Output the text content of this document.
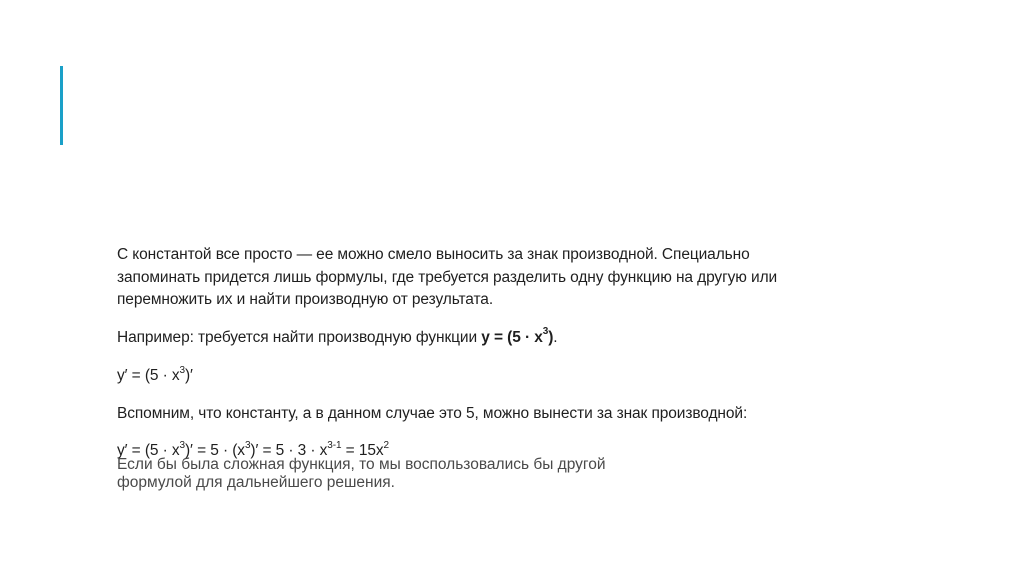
С константой все просто — ее можно смело выносить за знак производной. Специально запоминать придется лишь формулы, где требуется разделить одну функцию на другую или перемножить их и найти производную от результата.

Например: требуется найти производную функции $y = (5 \cdot x^3)$.

$y' = (5 \cdot x^3)'$

Вспомним, что константу, а в данном случае это 5, можно вынести за знак производной:

$y' = (5 \cdot x^3)' = 5 \cdot (x^3)' = 5 \cdot 3 \cdot x^{3-1} = 15x^2$

Если бы была сложная функция, то мы воспользовались бы другой формулой для дальнейшего решения.
